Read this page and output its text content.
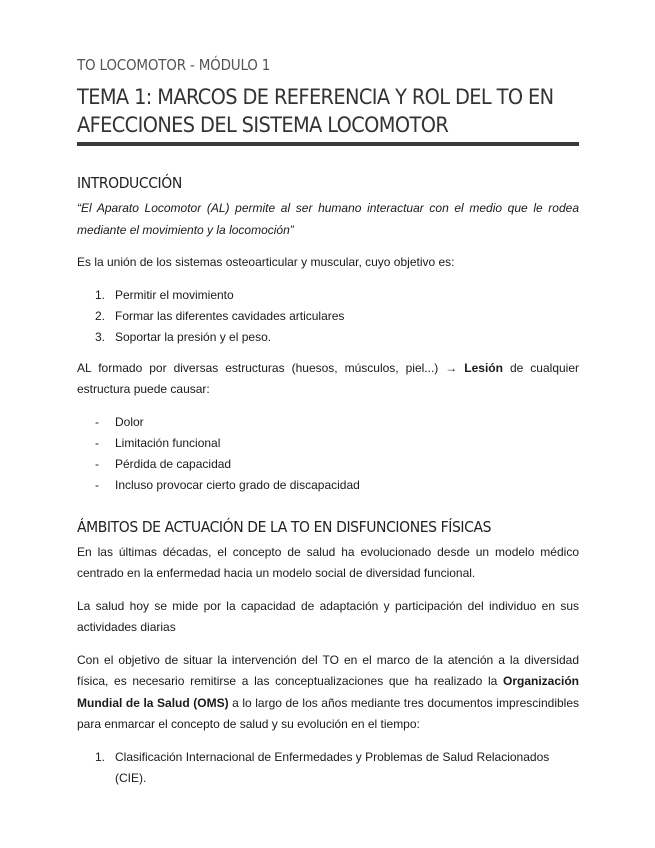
TO LOCOMOTOR - MÓDULO 1
TEMA 1: MARCOS DE REFERENCIA Y ROL DEL TO EN AFECCIONES DEL SISTEMA LOCOMOTOR
INTRODUCCIÓN

“El Aparato Locomotor (AL) permite al ser humano interactuar con el medio que le rodea mediante el movimiento y la locomoción”

Es la unión de los sistemas osteoarticular y muscular, cuyo objetivo es:

1. Permitir el movimiento
2. Formar las diferentes cavidades articulares
3. Soportar la presión y el peso.

AL formado por diversas estructuras (huesos, músculos, piel...) → Lesión de cualquier estructura puede causar:

- Dolor
- Limitación funcional
- Pérdida de capacidad
- Incluso provocar cierto grado de discapacidad
ÁMBITOS DE ACTUACIÓN DE LA TO EN DISFUNCIONES FÍSICAS

En las últimas décadas, el concepto de salud ha evolucionado desde un modelo médico centrado en la enfermedad hacia un modelo social de diversidad funcional.

La salud hoy se mide por la capacidad de adaptación y participación del individuo en sus actividades diarias

Con el objetivo de situar la intervención del TO en el marco de la atención a la diversidad física, es necesario remitirse a las conceptualizaciones que ha realizado la Organización Mundial de la Salud (OMS) a lo largo de los años mediante tres documentos imprescindibles para enmarcar el concepto de salud y su evolución en el tiempo:

1. Clasificación Internacional de Enfermedades y Problemas de Salud Relacionados (CIE).
